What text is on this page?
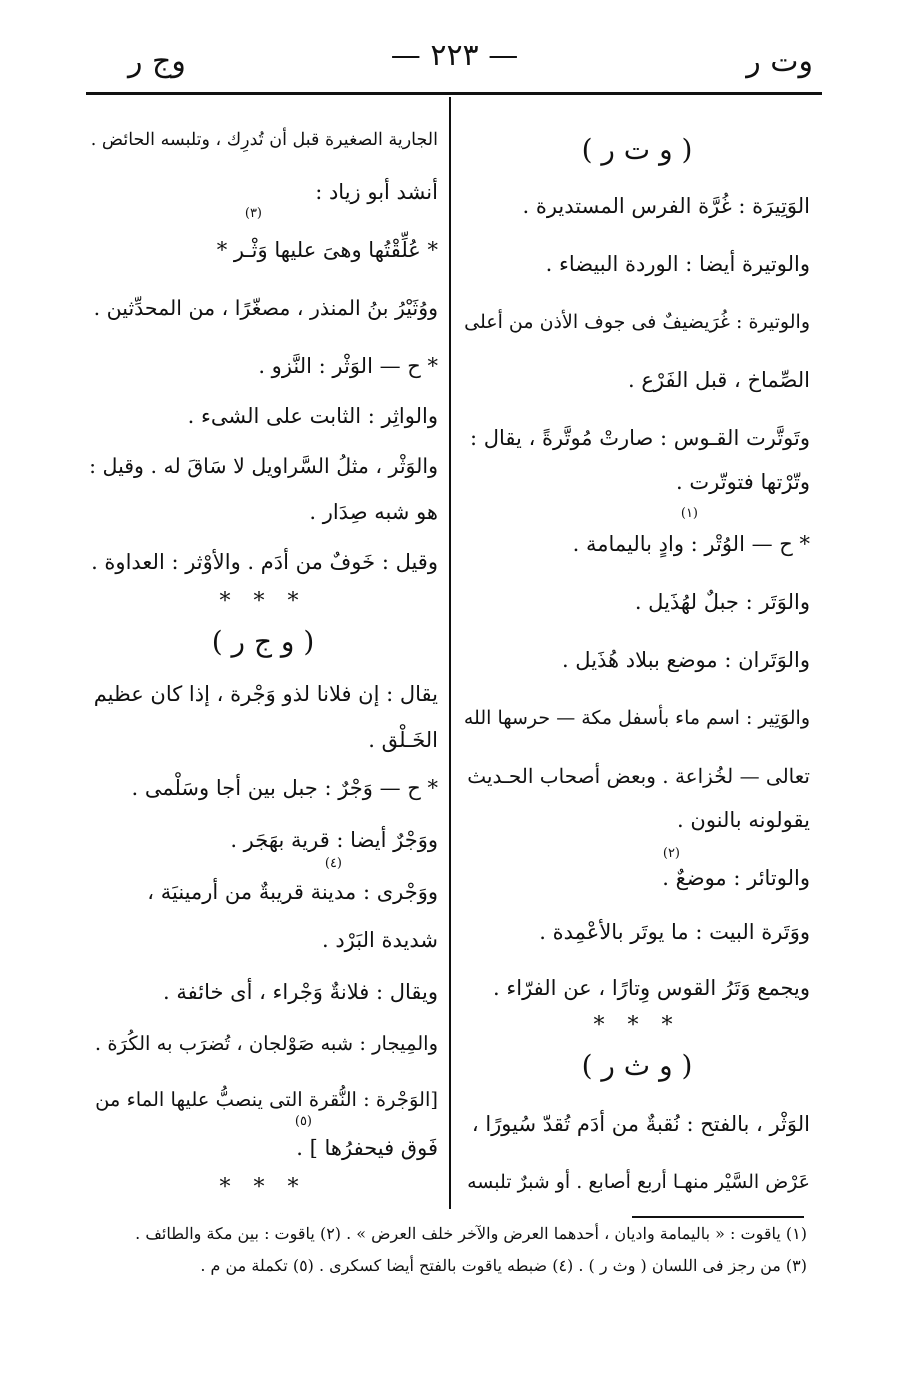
وت ر
— ٢٢٣ —
وج ر
( و ت ر )
الوَتِيرَة : غُرَّة الفرس المستديرة .
والوتيرة أيضا : الوردة البيضاء .
والوتيرة : غُرَيضيفٌ فى جوف الأذن من أعلى
الصِّماخ ، قبل الفَرْع .
وتَوتَّرت القـوس : صارتْ مُوتَّرةً ، يقال :
وتّرْتها فتوتّرت .
* ح — الوُتْر : وادٍ باليمامة .
(١)
والوَتَر : جبلٌ لهُذَيل .
والوَتَران : موضع ببلاد هُذَيل .
والوَتِير : اسم ماء بأسفل مكة — حرسها الله
تعالى — لخُزاعة . وبعض أصحاب الحـديث
يقولونه بالنون .
والوتائر : موضعٌ .
(٢)
ووَتَرة البيت : ما يوتَر بالأعْمِدة .
ويجمع وَتَرُ القوس وِتارًا ، عن الفرّاء .
* * *
( و ث ر )
الوَثْر ، بالفتح : نُقبةٌ من أدَم تُقدّ سُيورًا ،
عَرْض السَّيْر منهـا أربع أصابع . أو شبرٌ تلبسه
الجارية الصغيرة قبل أن تُدرِك ، وتلبسه الحائض .
أنشد أبو زياد :
* عُلِّقْتُها وهىَ عليها وَثْـر *
(٣)
ووُثَيْرُ بنُ المنذر ، مصغّرًا ، من المحدِّثين .
* ح — الوَثْر : النَّزو .
والواثِر : الثابت على الشىء .
والوَثْر ، مثلُ السَّراويل لا سَاقَ له . وقيل :
هو شبه صِدَار .
وقيل : خَوفٌ من أدَم . والأوْثر : العداوة .
* * *
( و ج ر )
يقال : إن فلانا لذو وَجْرة ، إذا كان عظيم
الخَـلْق .
* ح — وَجْرٌ : جبل بين أجا وسَلْمى .
ووَجْرٌ أيضا : قرية بهَجَر .
ووَجْرى : مدينة قريبةٌ من أرمينيَة ،
(٤)
شديدة البَرْد .
ويقال : فلانةٌ وَجْراء ، أى خائفة .
والمِيجار : شبه صَوْلجان ، تُضرَب به الكُرَة .
[الوَجْرة : النُّقرة التى ينصبُّ عليها الماء من
فَوق فيحفرُها ] .
(٥)
* * *
(١) ياقوت : « باليمامة واديان ، أحدهما العرض والآخر خلف العرض » . (٢) ياقوت : بين مكة والطائف .
(٣) من رجز فى اللسان ( وث ر ) . (٤) ضبطه ياقوت بالفتح أيضا كسكرى . (٥) تكملة من م .
